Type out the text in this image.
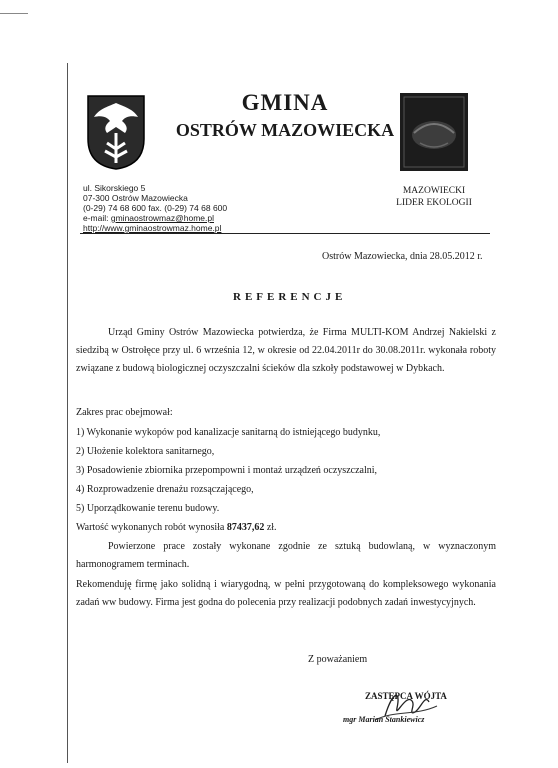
GMINA
OSTRÓW MAZOWIECKA
MAZOWIECKI
LIDER EKOLOGII
ul. Sikorskiego 5
07-300 Ostrów Mazowiecka
(0-29) 74 68 600 fax. (0-29) 74 68 600
e-mail: gminaostrowmaz@home.pl
http://www.gminaostrowmaz.home.pl
Ostrów Mazowiecka, dnia 28.05.2012 r.
REFERENCJE
Urząd Gminy Ostrów Mazowiecka potwierdza, że Firma MULTI-KOM Andrzej Nakielski z siedzibą w Ostrołęce przy ul. 6 września 12, w okresie od 22.04.2011r do 30.08.2011r. wykonała roboty związane z budową biologicznej oczyszczalni ścieków dla szkoły podstawowej w Dybkach.
Zakres prac obejmował:
1) Wykonanie wykopów pod kanalizacje sanitarną do istniejącego budynku,
2) Ułożenie kolektora sanitarnego,
3) Posadowienie zbiornika przepompowni i montaż urządzeń oczyszczalni,
4) Rozprowadzenie drenażu rozsączającego,
5) Uporządkowanie terenu budowy.
Wartość wykonanych robót wynosiła 87437,62 zł.
Powierzone prace zostały wykonane zgodnie ze sztuką budowlaną, w wyznaczonym harmonogramem terminach.
Rekomenduję firmę jako solidną i wiarygodną, w pełni przygotowaną do kompleksowego wykonania zadań ww budowy. Firma jest godna do polecenia przy realizacji podobnych zadań inwestycyjnych.
Z poważaniem
ZASTĘPCA WÓJTA
mgr Marian Stankiewicz
